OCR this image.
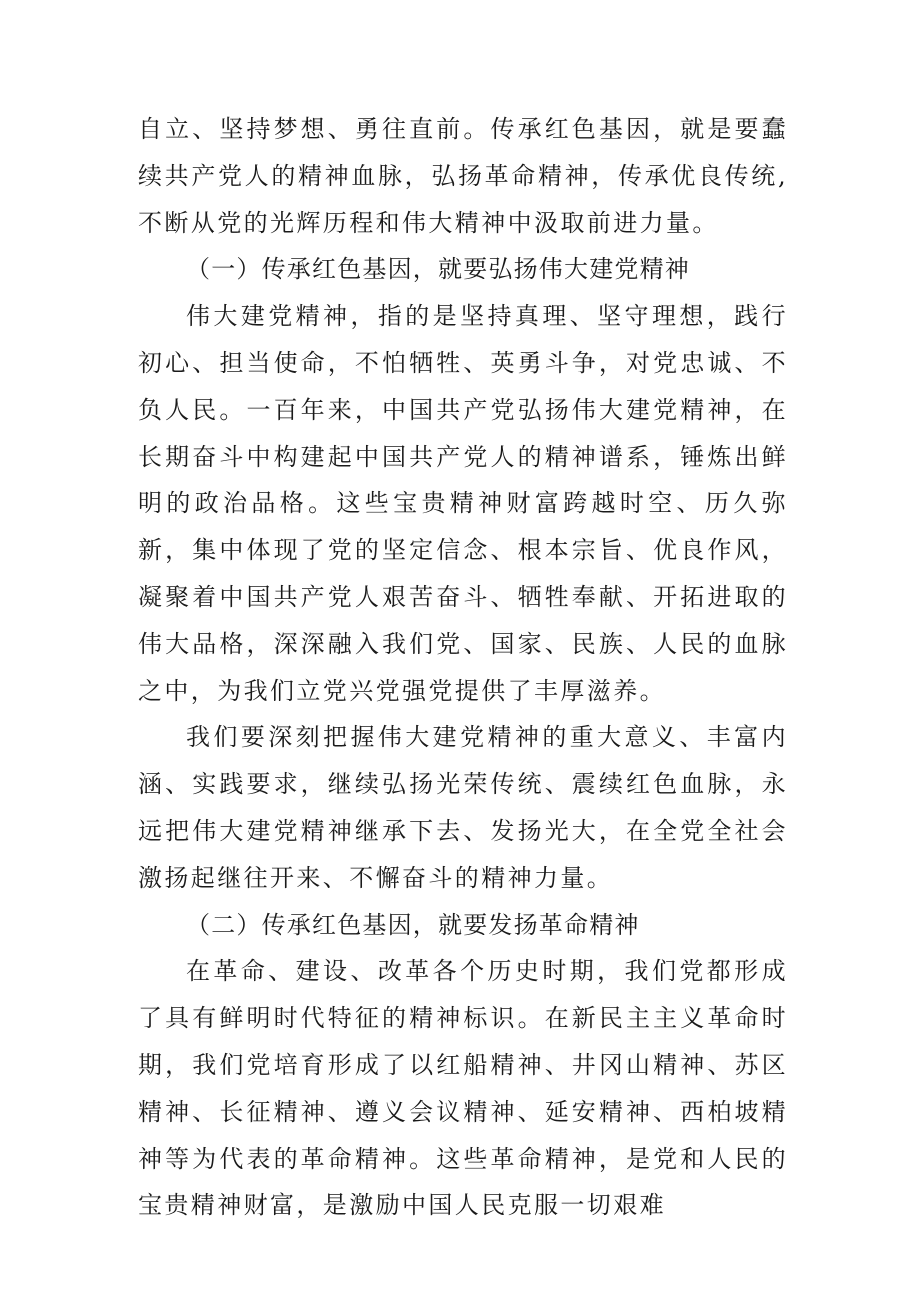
自立、坚持梦想、勇往直前。传承红色基因，就是要蠢续共产党人的精神血脉，弘扬革命精神，传承优良传统,不断从党的光辉历程和伟大精神中汲取前进力量。

（一）传承红色基因，就要弘扬伟大建党精神

伟大建党精神，指的是坚持真理、坚守理想，践行初心、担当使命，不怕牺牲、英勇斗争，对党忠诚、不负人民。一百年来，中国共产党弘扬伟大建党精神，在长期奋斗中构建起中国共产党人的精神谱系，锤炼出鲜明的政治品格。这些宝贵精神财富跨越时空、历久弥新，集中体现了党的坚定信念、根本宗旨、优良作风，凝聚着中国共产党人艰苦奋斗、牺牲奉献、开拓进取的伟大品格，深深融入我们党、国家、民族、人民的血脉之中，为我们立党兴党强党提供了丰厚滋养。

我们要深刻把握伟大建党精神的重大意义、丰富内涵、实践要求，继续弘扬光荣传统、震续红色血脉，永远把伟大建党精神继承下去、发扬光大，在全党全社会激扬起继往开来、不懈奋斗的精神力量。

（二）传承红色基因，就要发扬革命精神

在革命、建设、改革各个历史时期，我们党都形成了具有鲜明时代特征的精神标识。在新民主主义革命时期，我们党培育形成了以红船精神、井冈山精神、苏区精神、长征精神、遵义会议精神、延安精神、西柏坡精神等为代表的革命精神。这些革命精神，是党和人民的宝贵精神财富，是激励中国人民克服一切艰难
